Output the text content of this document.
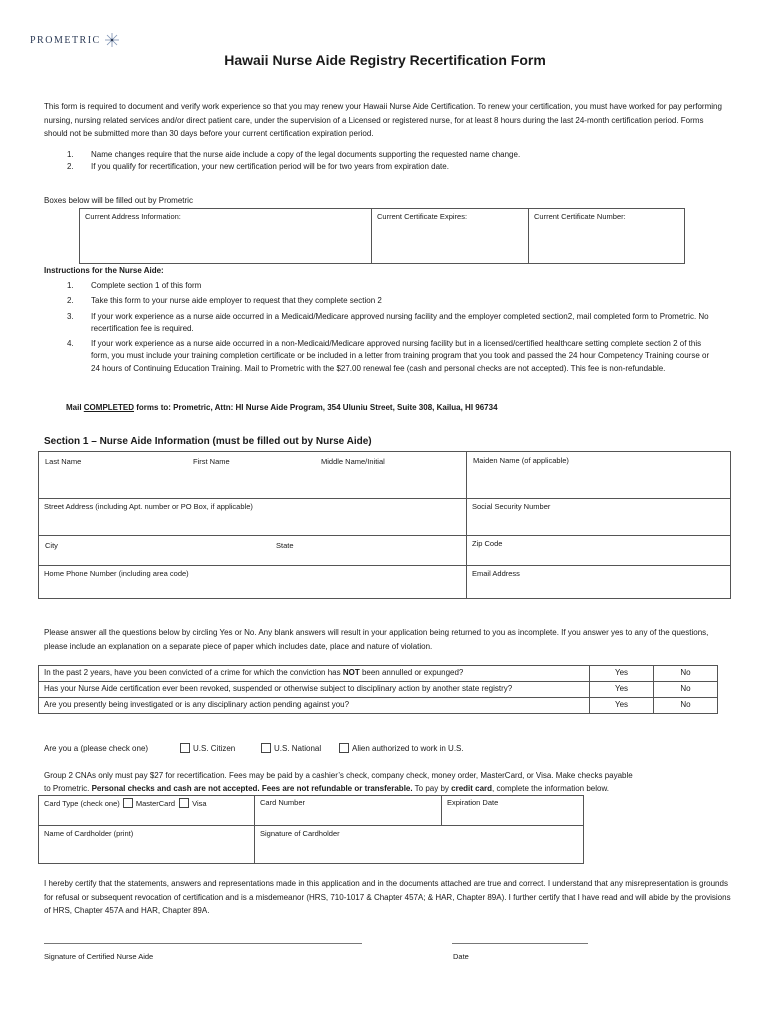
PROMETRIC
Hawaii Nurse Aide Registry Recertification Form
This form is required to document and verify work experience so that you may renew your Hawaii Nurse Aide Certification. To renew your certification, you must have worked for pay performing nursing, nursing related services and/or direct patient care, under the supervision of a Licensed or registered nurse, for at least 8 hours during the last 24-month certification period. Forms should not be submitted more than 30 days before your current certification expiration period.
1.	Name changes require that the nurse aide include a copy of the legal documents supporting the requested name change.
2.	If you qualify for recertification, your new certification period will be for two years from expiration date.
Boxes below will be filled out by Prometric
Current Address Information:	Current Certificate Expires:	Current Certificate Number:
Instructions for the Nurse Aide:
1.	Complete section 1 of this form
2.	Take this form to your nurse aide employer to request that they complete section 2
3.	If your work experience as a nurse aide occurred in a Medicaid/Medicare approved nursing facility and the employer completed section2, mail completed form to Prometric. No recertification fee is required.
4.	If your work experience as a nurse aide occurred in a non-Medicaid/Medicare approved nursing facility but in a licensed/certified healthcare setting complete section 2 of this form, you must include your training completion certificate or be included in a letter from training program that you took and passed the 24 hour Competency Training course or 24 hours of Continuing Education Training. Mail to Prometric with the $27.00 renewal fee (cash and personal checks are not accepted). This fee is non-refundable.
Mail COMPLETED forms to: Prometric, Attn: HI Nurse Aide Program, 354 Uluniu Street, Suite 308, Kailua, HI 96734
Section 1 – Nurse Aide Information (must be filled out by Nurse Aide)
Last Name First Name Middle Name/Initial	Maiden Name (of applicable)
Street Address (including Apt. number or PO Box, if applicable)	Social Security Number

City State	Zip Code
Home Phone Number (including area code)	Email Address
Please answer all the questions below by circling Yes or No. Any blank answers will result in your application being returned to you as incomplete. If you answer yes to any of the questions, please include an explanation on a separate piece of paper which includes date, place and nature of violation.
In the past 2 years, have you been convicted of a crime for which the conviction has NOT been annulled or expunged?	Yes	No
Has your Nurse Aide certification ever been revoked, suspended or otherwise subject to disciplinary action by another state registry?	Yes	No
Are you presently being investigated or is any disciplinary action pending against you?	Yes	No
Are you a (please check one)	U.S. Citizen	U.S. National	Alien authorized to work in U.S.
Group 2 CNAs only must pay $27 for recertification. Fees may be paid by a cashier’s check, company check, money order, MasterCard, or Visa. Make checks payable
to Prometric. Personal checks and cash are not accepted. Fees are not refundable or transferable. To pay by credit card, complete the information below.
Card Type (check one) MasterCard Visa	Card Number	Expiration Date
Name of Cardholder (print)	Signature of Cardholder	
I hereby certify that the statements, answers and representations made in this application and in the documents attached are true and correct. I understand that any misrepresentation is grounds for refusal or subsequent revocation of certification and is a misdemeanor (HRS, 710-1017 & Chapter 457A; & HAR, Chapter 89A). I further certify that I have read and will abide by the provisions of HRS, Chapter 457A and HAR, Chapter 89A.
Signature of Certified Nurse Aide	Date
